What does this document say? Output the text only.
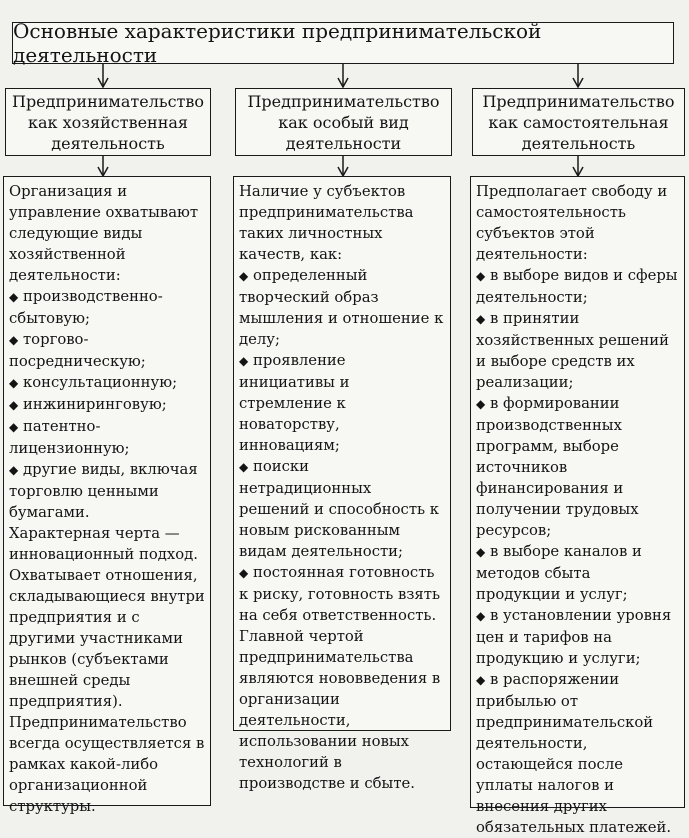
Основные характеристики предпринимательской деятельности
Предпринимательство как хозяйственная деятельность
Предпринимательство как особый вид деятельности
Предпринимательство как самостоятельная деятельность

Организация и управление охватывают следующие виды хозяйственной деятельности:

◆ производственно-сбытовую;

◆ торгово-посредническую;

◆ консультационную;

◆ инжиниринговую;

◆ патентно-лицензионную;

◆ другие виды, включая торговлю ценными бумагами.

Характерная черта — инновационный подход. Охватывает отношения, складывающиеся внутри предприятия и с другими участниками рынков (субъектами внешней среды предприятия). Предпринимательство всегда осуществляется в рамках какой-либо организационной структуры.

Наличие у субъектов предпринимательства таких личностных качеств, как:

◆ определенный творческий образ мышления и отношение к делу;

◆ проявление инициативы и стремление к новаторству, инновациям;

◆ поиски нетрадиционных решений и способность к новым рискованным видам деятельности;

◆ постоянная готовность к риску, готовность взять на себя ответственность.

Главной чертой предпринимательства являются нововведения в организации деятельности, использовании новых технологий в производстве и сбыте.

Предполагает свободу и самостоятельность субъектов этой деятельности:

◆ в выборе видов и сферы деятельности;

◆ в принятии хозяйственных решений и выборе средств их реализации;

◆ в формировании производственных программ, выборе источников финансирования и получении трудовых ресурсов;

◆ в выборе каналов и методов сбыта продукции и услуг;

◆ в установлении уровня цен и тарифов на продукцию и услуги;

◆ в распоряжении прибылью от предпринимательской деятельности, остающейся после уплаты налогов и внесения других обязательных платежей.
